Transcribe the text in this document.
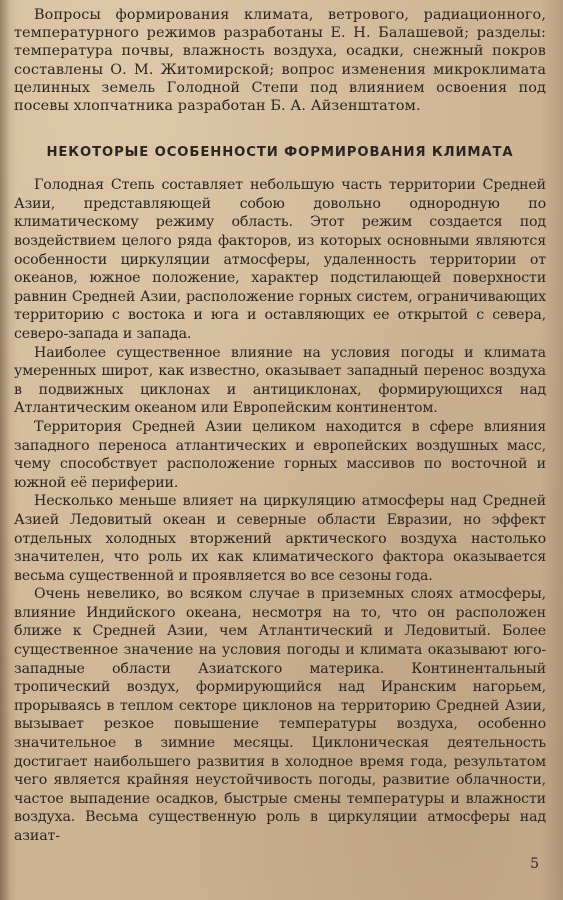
Вопросы формирования климата, ветрового, радиационного, температурного режимов разработаны Е. Н. Балашевой; разделы: температура почвы, влажность воздуха, осадки, снежный покров составлены О. М. Житомирской; вопрос изменения микроклимата целинных земель Голодной Степи под влиянием освоения под посевы хлопчатника разработан Б. А. Айзенштатом.

НЕКОТОРЫЕ ОСОБЕННОСТИ ФОРМИРОВАНИЯ КЛИМАТА

Голодная Степь составляет небольшую часть территории Средней Азии, представляющей собою довольно однородную по климатическому режиму область. Этот режим создается под воздействием целого ряда факторов, из которых основными являются особенности циркуляции атмосферы, удаленность территории от океанов, южное положение, характер подстилающей поверхности равнин Средней Азии, расположение горных систем, ограничивающих территорию с востока и юга и оставляющих ее открытой с севера, северо-запада и запада.

Наиболее существенное влияние на условия погоды и климата умеренных широт, как известно, оказывает западный перенос воздуха в подвижных циклонах и антициклонах, формирующихся над Атлантическим океаном или Европейским континентом.

Территория Средней Азии целиком находится в сфере влияния западного переноса атлантических и европейских воздушных масс, чему способствует расположение горных массивов по восточной и южной её периферии.

Несколько меньше влияет на циркуляцию атмосферы над Средней Азией Ледовитый океан и северные области Евразии, но эффект отдельных холодных вторжений арктического воздуха настолько значителен, что роль их как климатического фактора оказывается весьма существенной и проявляется во все сезоны года.

Очень невелико, во всяком случае в приземных слоях атмосферы, влияние Индийского океана, несмотря на то, что он расположен ближе к Средней Азии, чем Атлантический и Ледовитый. Более существенное значение на условия погоды и климата оказывают юго-западные области Азиатского материка. Континентальный тропический воздух, формирующийся над Иранским нагорьем, прорываясь в теплом секторе циклонов на территорию Средней Азии, вызывает резкое повышение температуры воздуха, особенно значительное в зимние месяцы. Циклоническая деятельность достигает наибольшего развития в холодное время года, результатом чего является крайняя неустойчивость погоды, развитие облачности, частое выпадение осадков, быстрые смены температуры и влажности воздуха. Весьма существенную роль в циркуляции атмосферы над азиат-

5
